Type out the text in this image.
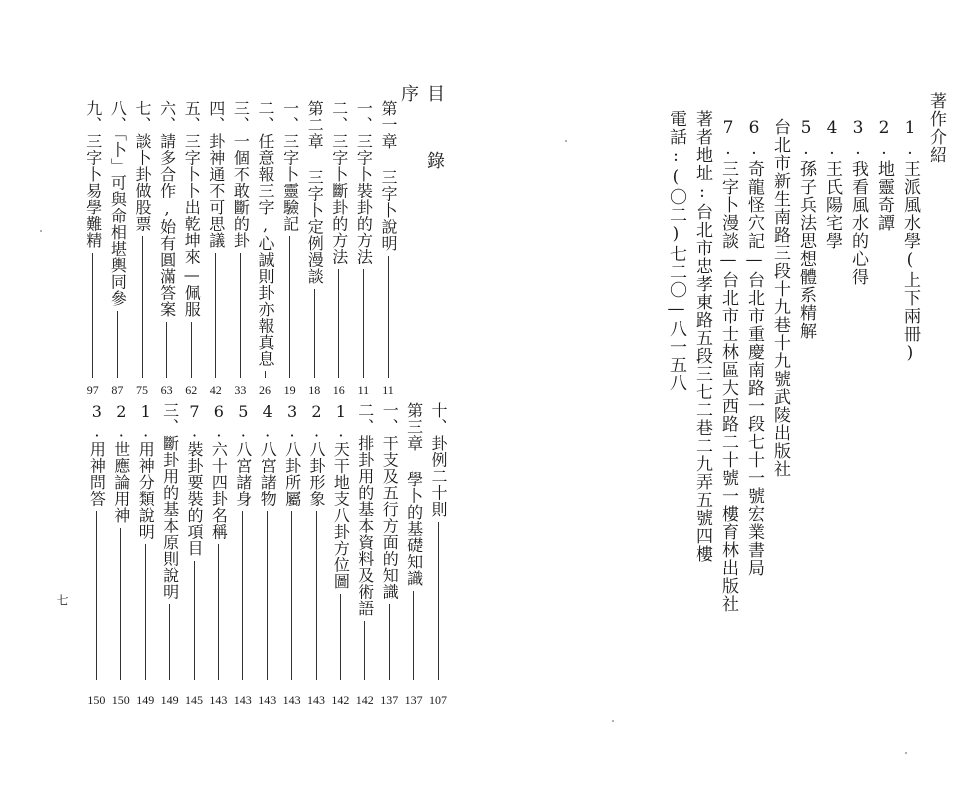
著作介紹
1.王派風水學(上下兩冊)
2.地靈奇譚
3.我看風水的心得
4.王氏陽宅學
5.孫子兵法思想體系精解
台北市新生南路三段十九巷十九號武陵出版社
6.奇龍怪穴記—台北市重慶南路一段七十一號宏業書局
7.三字卜漫談—台北市士林區大西路二十號一樓育林出版社
著者地址:台北市忠孝東路五段三七二巷二九弄五號四樓
電話:(〇二)七二〇—八一五八
目 錄
序
第一章 三字卜說明
11
一、三字卜裝卦的方法
11
二、三字卜斷卦的方法
16
第二章 三字卜定例漫談
18
一、三字卜靈驗記
19
二、任意報三字,心誠則卦亦報真息
26
三、一個不敢斷的卦
33
四、卦神通不可思議
42
五、三字卜卜出乾坤來—佩服
62
六、請多合作,始有圓滿答案
63
七、談卜卦做股票
75
八、「卜」可與命相堪輿同參
87
九、三字卜易學難精
97
十、卦例二十則
107
第三章 學卜的基礎知識
137
一、干支及五行方面的知識
137
二、排卦用的基本資料及術語
142
1.天干地支八卦方位圖
142
2.八卦形象
143
3.八卦所屬
143
4.八宮諸物
143
5.八宮諸身
143
6.六十四卦名稱
143
7.裝卦要裝的項目
145
三、斷卦用的基本原則說明
149
1.用神分類說明
149
2.世應論用神
150
3.用神問答
150
七
